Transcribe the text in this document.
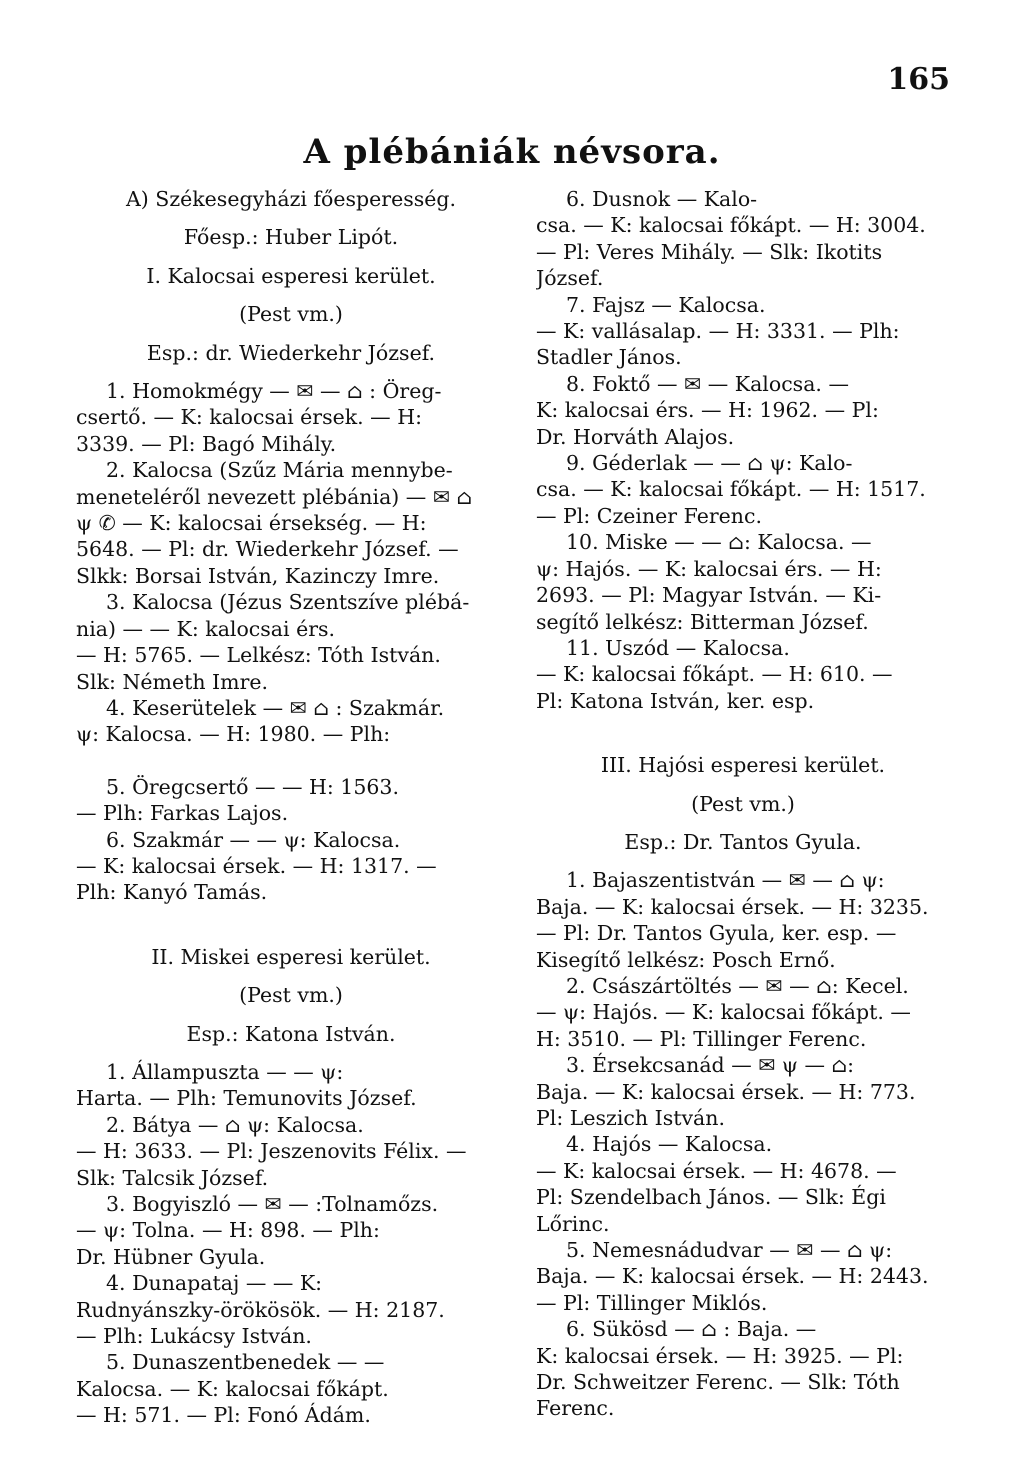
165
A plébániák névsora.
A) Székesegyházi főesperesség.
Főesp.: Huber Lipót.
I. Kalocsai esperesi kerület.
(Pest vm.)
Esp.: dr. Wiederkehr József.
1. Homokmégy — ✉ — ⌂ : Öreg-
csertő. — K: kalocsai érsek. — H:
3339. — Pl: Bagó Mihály.
2. Kalocsa (Szűz Mária mennybe-
meneteléről nevezett plébánia) — ✉ ⌂
ψ ✆ — K: kalocsai érsekség. — H:
5648. — Pl: dr. Wiederkehr József. —
Slkk: Borsai István, Kazinczy Imre.
3. Kalocsa (Jézus Szentszíve plébá-
nia) — — K: kalocsai érs.
— H: 5765. — Lelkész: Tóth István.
Slk: Németh Imre.
4. Keserütelek — ✉ ⌂ : Szakmár.
ψ: Kalocsa. — H: 1980. — Plh:
5. Öregcsertő — — H: 1563.
— Plh: Farkas Lajos.
6. Szakmár — — ψ: Kalocsa.
— K: kalocsai érsek. — H: 1317. —
Plh: Kanyó Tamás.
II. Miskei esperesi kerület.
(Pest vm.)
Esp.: Katona István.
1. Állampuszta — — ψ:
Harta. — Plh: Temunovits József.
2. Bátya — ⌂ ψ: Kalocsa.
— H: 3633. — Pl: Jeszenovits Félix. —
Slk: Talcsik József.
3. Bogyiszló — ✉ — :Tolnamőzs.
— ψ: Tolna. — H: 898. — Plh:
Dr. Hübner Gyula.
4. Dunapataj — — K:
Rudnyánszky-örökösök. — H: 2187.
— Plh: Lukácsy István.
5. Dunaszentbenedek — —
Kalocsa. — K: kalocsai főkápt.
— H: 571. — Pl: Fonó Ádám.
6. Dusnok — Kalo-
csa. — K: kalocsai főkápt. — H: 3004.
— Pl: Veres Mihály. — Slk: Ikotits
József.
7. Fajsz — Kalocsa.
— K: vallásalap. — H: 3331. — Plh:
Stadler János.
8. Foktő — ✉ — Kalocsa. —
K: kalocsai érs. — H: 1962. — Pl:
Dr. Horváth Alajos.
9. Géderlak — — ⌂ ψ: Kalo-
csa. — K: kalocsai főkápt. — H: 1517.
— Pl: Czeiner Ferenc.
10. Miske — — ⌂: Kalocsa. —
ψ: Hajós. — K: kalocsai érs. — H:
2693. — Pl: Magyar István. — Ki-
segítő lelkész: Bitterman József.
11. Uszód — Kalocsa.
— K: kalocsai főkápt. — H: 610. —
Pl: Katona István, ker. esp.
III. Hajósi esperesi kerület.
(Pest vm.)
Esp.: Dr. Tantos Gyula.
1. Bajaszentistván — ✉ — ⌂ ψ:
Baja. — K: kalocsai érsek. — H: 3235.
— Pl: Dr. Tantos Gyula, ker. esp. —
Kisegítő lelkész: Posch Ernő.
2. Császártöltés — ✉ — ⌂: Kecel.
— ψ: Hajós. — K: kalocsai főkápt. —
H: 3510. — Pl: Tillinger Ferenc.
3. Érsekcsanád — ✉ ψ — ⌂:
Baja. — K: kalocsai érsek. — H: 773.
Pl: Leszich István.
4. Hajós — Kalocsa.
— K: kalocsai érsek. — H: 4678. —
Pl: Szendelbach János. — Slk: Égi
Lőrinc.
5. Nemesnádudvar — ✉ — ⌂ ψ:
Baja. — K: kalocsai érsek. — H: 2443.
— Pl: Tillinger Miklós.
6. Sükösd — ⌂ : Baja. —
K: kalocsai érsek. — H: 3925. — Pl:
Dr. Schweitzer Ferenc. — Slk: Tóth
Ferenc.
